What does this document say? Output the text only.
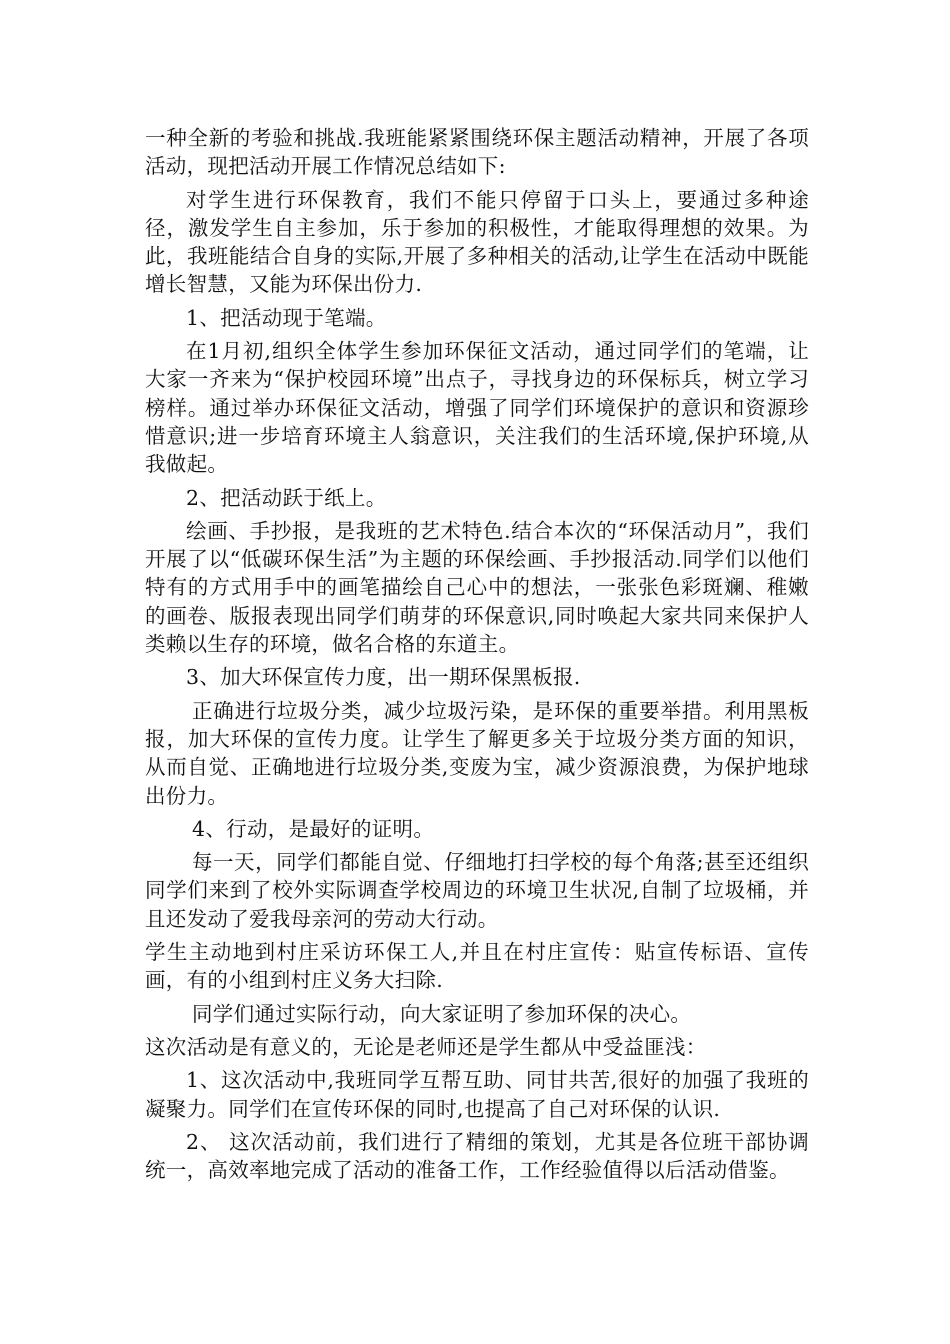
一种全新的考验和挑战.我班能紧紧围绕环保主题活动精神，开展了各项活动，现把活动开展工作情况总结如下:

对学生进行环保教育，我们不能只停留于口头上，要通过多种途径，激发学生自主参加，乐于参加的积极性，才能取得理想的效果。为此，我班能结合自身的实际,开展了多种相关的活动,让学生在活动中既能增长智慧，又能为环保出份力.

1、把活动现于笔端。

在1月初,组织全体学生参加环保征文活动，通过同学们的笔端，让大家一齐来为“保护校园环境”出点子，寻找身边的环保标兵，树立学习榜样。通过举办环保征文活动，增强了同学们环境保护的意识和资源珍惜意识;进一步培育环境主人翁意识，关注我们的生活环境,保护环境,从我做起。

2、把活动跃于纸上。

绘画、手抄报，是我班的艺术特色.结合本次的“环保活动月”，我们开展了以“低碳环保生活”为主题的环保绘画、手抄报活动.同学们以他们特有的方式用手中的画笔描绘自己心中的想法，一张张色彩斑斓、稚嫩的画卷、版报表现出同学们萌芽的环保意识,同时唤起大家共同来保护人类赖以生存的环境，做名合格的东道主。

3、加大环保宣传力度，出一期环保黑板报.

正确进行垃圾分类，减少垃圾污染，是环保的重要举措。利用黑板报，加大环保的宣传力度。让学生了解更多关于垃圾分类方面的知识，从而自觉、正确地进行垃圾分类,变废为宝，减少资源浪费，为保护地球出份力。

4、行动，是最好的证明。

每一天，同学们都能自觉、仔细地打扫学校的每个角落;甚至还组织同学们来到了校外实际调查学校周边的环境卫生状况,自制了垃圾桶，并且还发动了爱我母亲河的劳动大行动。

学生主动地到村庄采访环保工人,并且在村庄宣传：贴宣传标语、宣传画，有的小组到村庄义务大扫除.

同学们通过实际行动，向大家证明了参加环保的决心。

这次活动是有意义的，无论是老师还是学生都从中受益匪浅：

1、这次活动中,我班同学互帮互助、同甘共苦,很好的加强了我班的凝聚力。同学们在宣传环保的同时,也提高了自己对环保的认识.

2、 这次活动前，我们进行了精细的策划，尤其是各位班干部协调统一，高效率地完成了活动的准备工作，工作经验值得以后活动借鉴。
